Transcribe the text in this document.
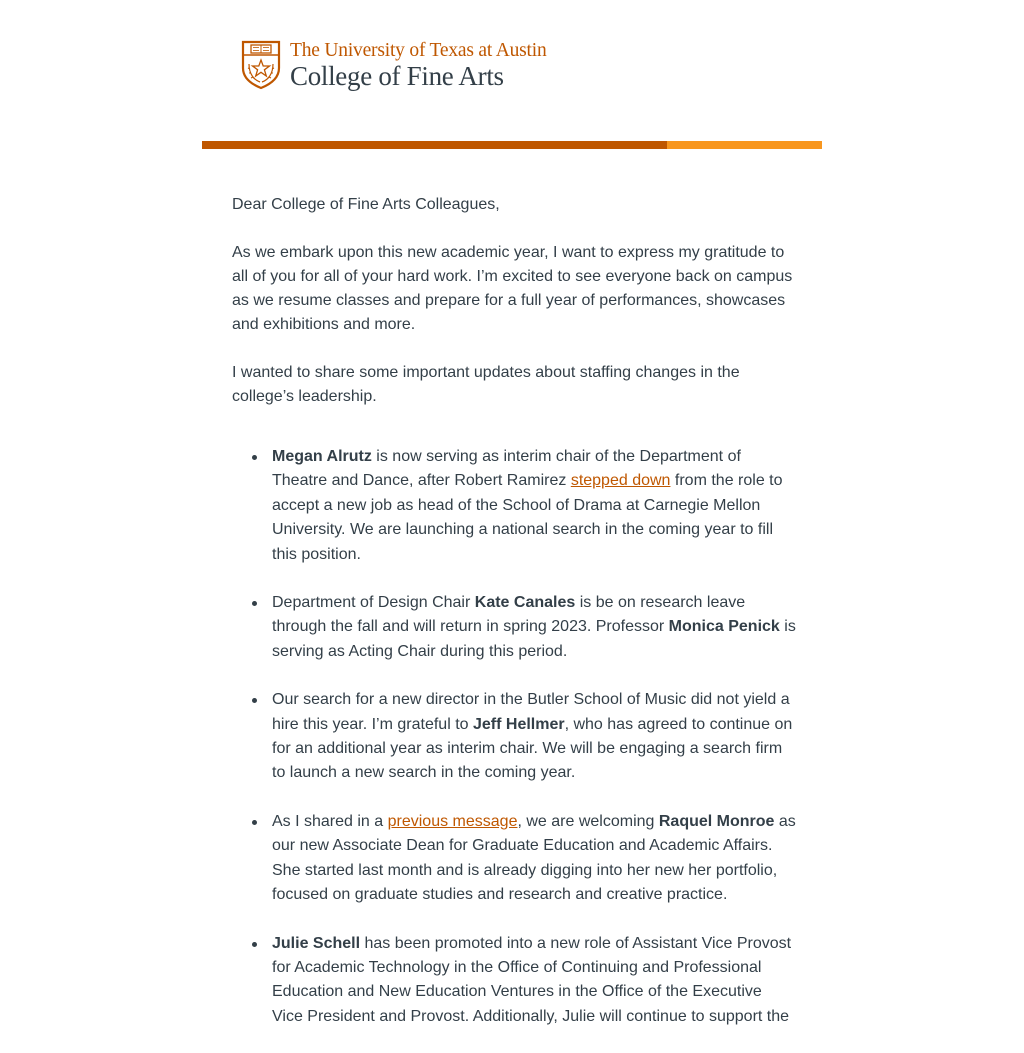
The University of Texas at Austin
College of Fine Arts

Dear College of Fine Arts Colleagues,

As we embark upon this new academic year, I want to express my gratitude to all of you for all of your hard work. I’m excited to see everyone back on campus as we resume classes and prepare for a full year of performances, showcases and exhibitions and more.

I wanted to share some important updates about staffing changes in the college’s leadership.

Megan Alrutz is now serving as interim chair of the Department of Theatre and Dance, after Robert Ramirez stepped down from the role to accept a new job as head of the School of Drama at Carnegie Mellon University. We are launching a national search in the coming year to fill this position.
Department of Design Chair Kate Canales is be on research leave through the fall and will return in spring 2023. Professor Monica Penick is serving as Acting Chair during this period.
Our search for a new director in the Butler School of Music did not yield a hire this year. I’m grateful to Jeff Hellmer, who has agreed to continue on for an additional year as interim chair. We will be engaging a search firm to launch a new search in the coming year.
As I shared in a previous message, we are welcoming Raquel Monroe as our new Associate Dean for Graduate Education and Academic Affairs. She started last month and is already digging into her new her portfolio, focused on graduate studies and research and creative practice.
Julie Schell has been promoted into a new role of Assistant Vice Provost for Academic Technology in the Office of Continuing and Professional Education and New Education Ventures in the Office of the Executive Vice President and Provost. Additionally, Julie will continue to support the
